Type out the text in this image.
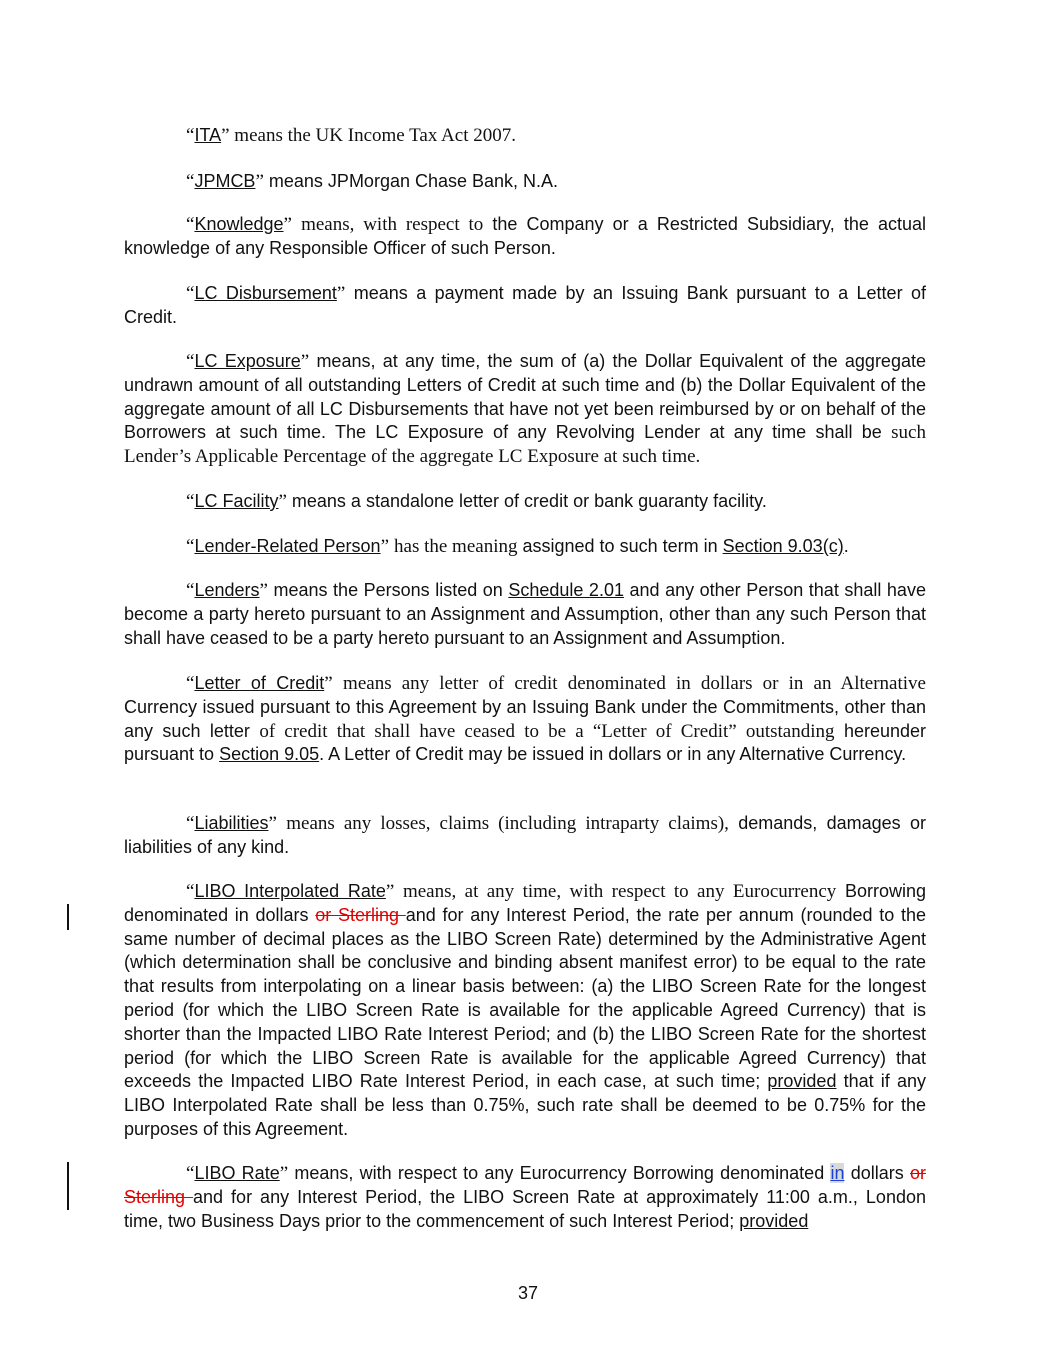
“ITA” means the UK Income Tax Act 2007.

“JPMCB” means JPMorgan Chase Bank, N.A.

“Knowledge” means, with respect to the Company or a Restricted Subsidiary, the actual knowledge of any Responsible Officer of such Person.

“LC Disbursement” means a payment made by an Issuing Bank pursuant to a Letter of Credit.

“LC Exposure” means, at any time, the sum of (a) the Dollar Equivalent of the aggregate undrawn amount of all outstanding Letters of Credit at such time and (b) the Dollar Equivalent of the aggregate amount of all LC Disbursements that have not yet been reimbursed by or on behalf of the Borrowers at such time. The LC Exposure of any Revolving Lender at any time shall be such Lender’s Applicable Percentage of the aggregate LC Exposure at such time.

“LC Facility” means a standalone letter of credit or bank guaranty facility.

“Lender-Related Person” has the meaning assigned to such term in Section 9.03(c).

“Lenders” means the Persons listed on Schedule 2.01 and any other Person that shall have become a party hereto pursuant to an Assignment and Assumption, other than any such Person that shall have ceased to be a party hereto pursuant to an Assignment and Assumption.

“Letter of Credit” means any letter of credit denominated in dollars or in an Alternative Currency issued pursuant to this Agreement by an Issuing Bank under the Commitments, other than any such letter of credit that shall have ceased to be a “Letter of Credit” outstanding hereunder pursuant to Section 9.05. A Letter of Credit may be issued in dollars or in any Alternative Currency.

“Liabilities” means any losses, claims (including intraparty claims), demands, damages or liabilities of any kind.

“LIBO Interpolated Rate” means, at any time, with respect to any Eurocurrency Borrowing denominated in dollars or Sterling and for any Interest Period, the rate per annum (rounded to the same number of decimal places as the LIBO Screen Rate) determined by the Administrative Agent (which determination shall be conclusive and binding absent manifest error) to be equal to the rate that results from interpolating on a linear basis between: (a) the LIBO Screen Rate for the longest period (for which the LIBO Screen Rate is available for the applicable Agreed Currency) that is shorter than the Impacted LIBO Rate Interest Period; and (b) the LIBO Screen Rate for the shortest period (for which the LIBO Screen Rate is available for the applicable Agreed Currency) that exceeds the Impacted LIBO Rate Interest Period, in each case, at such time; provided that if any LIBO Interpolated Rate shall be less than 0.75%, such rate shall be deemed to be 0.75% for the purposes of this Agreement.

“LIBO Rate” means, with respect to any Eurocurrency Borrowing denominated in dollars or Sterling and for any Interest Period, the LIBO Screen Rate at approximately 11:00 a.m., London time, two Business Days prior to the commencement of such Interest Period; provided

37
